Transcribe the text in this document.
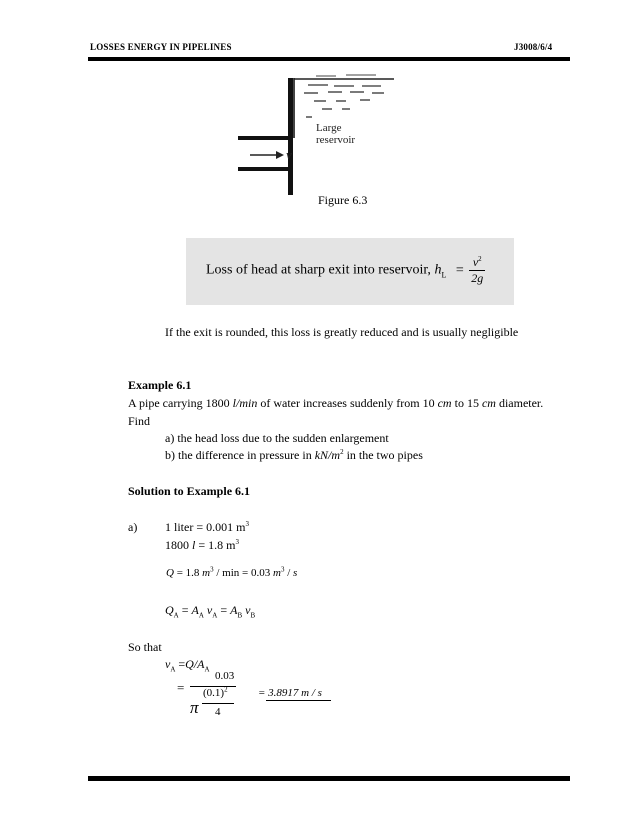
LOSSES ENERGY IN PIPELINES	J3008/6/4
v
Large
reservoir
Figure 6.3
Loss of head at sharp exit into reservoir, $h_L = \frac{v^2}{2g}$
If the exit is rounded, this loss is greatly reduced and is usually negligible
Example 6.1
A pipe carrying 1800 l/min of water increases suddenly from 10 cm to 15 cm diameter.
Find
a) the head loss due to the sudden enlargement
b) the difference in pressure in $kN/m^2$ in the two pipes
Solution to Example 6.1
a) 1 liter = 0.001 $m^3$
1800 l = 1.8 $m^3$
Q = 1.8 $m^3 / \min = 0.03$ $m^3$ / s
$Q_A = A_A$ $v_A = A_B$ $v_B$
So that
$v_A =Q/A_A$
=
0.03
π
$(0.1)^2$
4
= 3.8917 m / s
